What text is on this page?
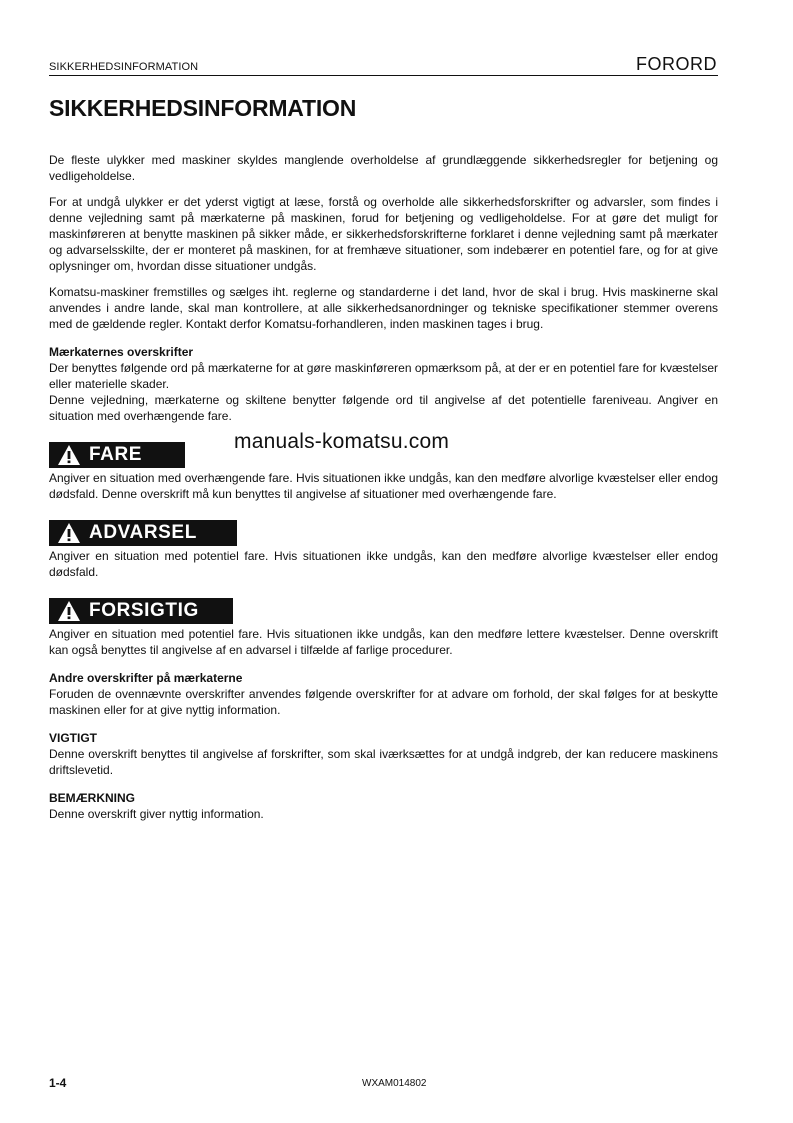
SIKKERHEDSINFORMATION	FORORD
SIKKERHEDSINFORMATION

De fleste ulykker med maskiner skyldes manglende overholdelse af grundlæggende sikkerhedsregler for betjening og vedligeholdelse.

For at undgå ulykker er det yderst vigtigt at læse, forstå og overholde alle sikkerhedsforskrifter og advarsler, som findes i denne vejledning samt på mærkaterne på maskinen, forud for betjening og vedligeholdelse. For at gøre det muligt for maskinføreren at benytte maskinen på sikker måde, er sikkerhedsforskrifterne forklaret i denne vejledning samt på mærkater og advarselsskilte, der er monteret på maskinen, for at fremhæve situationer, som indebærer en potentiel fare, og for at give oplysninger om, hvordan disse situationer undgås.

Komatsu-maskiner fremstilles og sælges iht. reglerne og standarderne i det land, hvor de skal i brug. Hvis maskinerne skal anvendes i andre lande, skal man kontrollere, at alle sikkerhedsanordninger og tekniske specifikationer stemmer overens med de gældende regler. Kontakt derfor Komatsu-forhandleren, inden maskinen tages i brug.

Mærkaternes overskrifter

Der benyttes følgende ord på mærkaterne for at gøre maskinføreren opmærksom på, at der er en potentiel fare for kvæstelser eller materielle skader.

Denne vejledning, mærkaterne og skiltene benytter følgende ord til angivelse af det potentielle fareniveau. Angiver en situation med overhængende fare.

FARE

Angiver en situation med overhængende fare. Hvis situationen ikke undgås, kan den medføre alvorlige kvæstelser eller endog dødsfald. Denne overskrift må kun benyttes til angivelse af situationer med overhængende fare.

ADVARSEL

Angiver en situation med potentiel fare. Hvis situationen ikke undgås, kan den medføre alvorlige kvæstelser eller endog dødsfald.

FORSIGTIG

Angiver en situation med potentiel fare. Hvis situationen ikke undgås, kan den medføre lettere kvæstelser. Denne overskrift kan også benyttes til angivelse af en advarsel i tilfælde af farlige procedurer.

Andre overskrifter på mærkaterne

Foruden de ovennævnte overskrifter anvendes følgende overskrifter for at advare om forhold, der skal følges for at beskytte maskinen eller for at give nyttig information.

VIGTIGT

Denne overskrift benyttes til angivelse af forskrifter, som skal iværksættes for at undgå indgreb, der kan reducere maskinens driftslevetid.

BEMÆRKNING

Denne overskrift giver nyttig information.

manuals-komatsu.com
1-4	WXAM014802
